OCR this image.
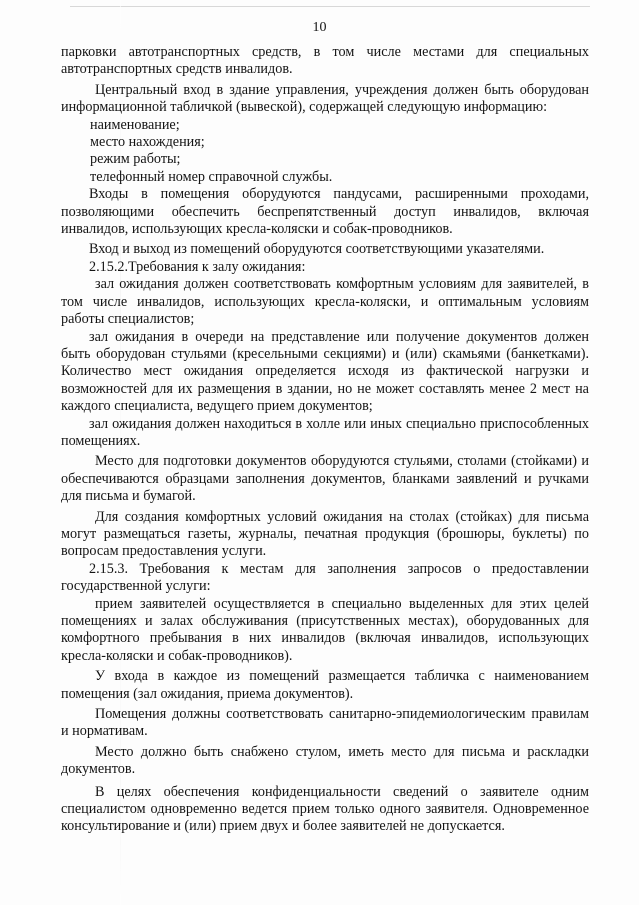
10

парковки автотранспортных средств, в том числе местами для специальных автотранспортных средств инвалидов.

Центральный вход в здание управления, учреждения должен быть оборудован информационной табличкой (вывеской), содержащей следующую информацию:

наименование;

место нахождения;

режим работы;

телефонный номер справочной службы.

Входы в помещения оборудуются пандусами, расширенными проходами, позволяющими обеспечить беспрепятственный доступ инвалидов, включая инвалидов, использующих кресла-коляски и собак-проводников.

Вход и выход из помещений оборудуются соответствующими указателями.

2.15.2.Требования к залу ожидания:

зал ожидания должен соответствовать комфортным условиям для заявителей, в том числе инвалидов, использующих кресла-коляски, и оптимальным условиям работы специалистов;

зал ожидания в очереди на представление или получение документов должен быть оборудован стульями (кресельными секциями) и (или) скамьями (банкетками). Количество мест ожидания определяется исходя из фактической нагрузки и возможностей для их размещения в здании, но не может составлять менее 2 мест на каждого специалиста, ведущего прием документов;

зал ожидания должен находиться в холле или иных специально приспособленных помещениях.

Место для подготовки документов оборудуются стульями, столами (стойками) и обеспечиваются образцами заполнения документов, бланками заявлений и ручками для письма и бумагой.

Для создания комфортных условий ожидания на столах (стойках) для письма могут размещаться газеты, журналы, печатная продукция (брошюры, буклеты) по вопросам предоставления услуги.

2.15.3. Требования к местам для заполнения запросов о предоставлении государственной услуги:

прием заявителей осуществляется в специально выделенных для этих целей помещениях и залах обслуживания (присутственных местах), оборудованных для комфортного пребывания в них инвалидов (включая инвалидов, использующих кресла-коляски и собак-проводников).

У входа в каждое из помещений размещается табличка с наименованием помещения (зал ожидания, приема документов).

Помещения должны соответствовать санитарно-эпидемиологическим правилам и нормативам.

Место должно быть снабжено стулом, иметь место для письма и раскладки документов.

В целях обеспечения конфиденциальности сведений о заявителе одним специалистом одновременно ведется прием только одного заявителя. Одновременное консультирование и (или) прием двух и более заявителей не допускается.
